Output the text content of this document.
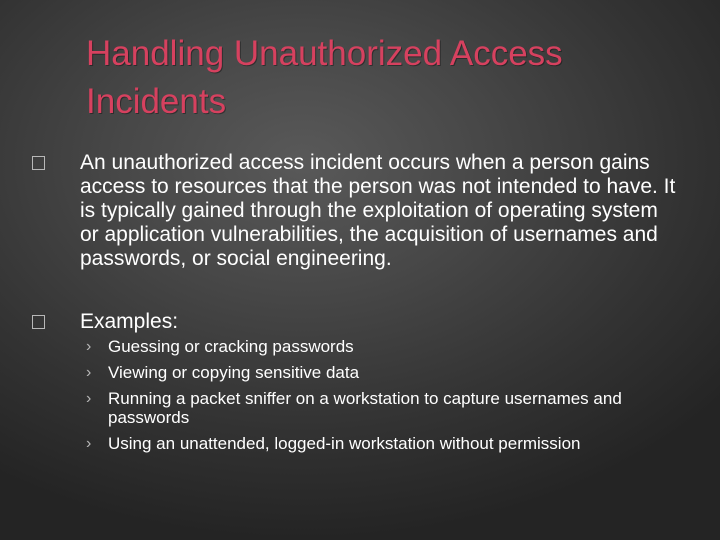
Handling Unauthorized Access Incidents
An unauthorized access incident occurs when a person gains access to resources that the person was not intended to have. It is typically gained through the exploitation of operating system or application vulnerabilities, the acquisition of usernames and passwords, or social engineering.
Examples:
› Guessing or cracking passwords
› Viewing or copying sensitive data
› Running a packet sniffer on a workstation to capture usernames and passwords
› Using an unattended, logged-in workstation without permission
